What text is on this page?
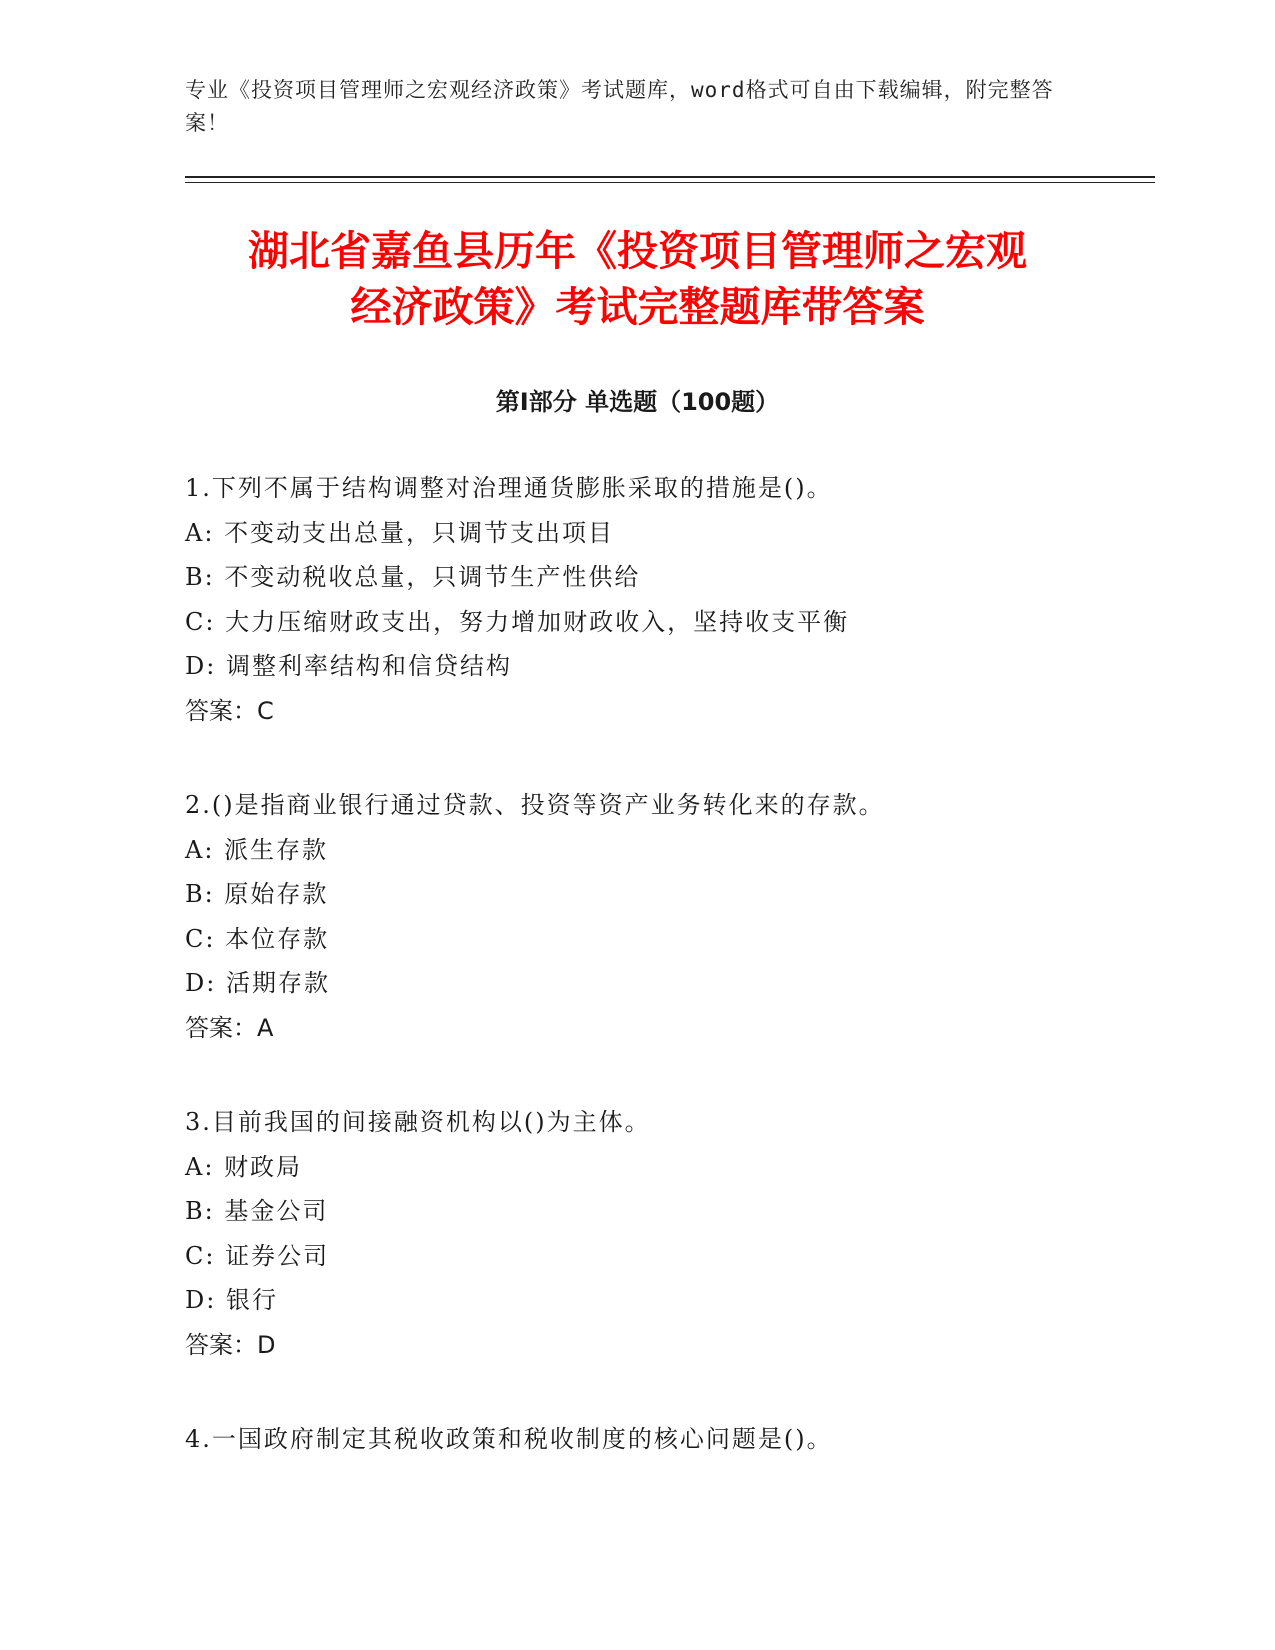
专业《投资项目管理师之宏观经济政策》考试题库，word格式可自由下载编辑，附完整答案！
湖北省嘉鱼县历年《投资项目管理师之宏观
经济政策》考试完整题库带答案
第Ⅰ部分 单选题（100题）
1.下列不属于结构调整对治理通货膨胀采取的措施是()。
A: 不变动支出总量，只调节支出项目
B: 不变动税收总量，只调节生产性供给
C: 大力压缩财政支出，努力增加财政收入，坚持收支平衡
D: 调整利率结构和信贷结构
答案：C
2.()是指商业银行通过贷款、投资等资产业务转化来的存款。
A: 派生存款
B: 原始存款
C: 本位存款
D: 活期存款
答案：A
3.目前我国的间接融资机构以()为主体。
A: 财政局
B: 基金公司
C: 证券公司
D: 银行
答案：D
4.一国政府制定其税收政策和税收制度的核心问题是()。
